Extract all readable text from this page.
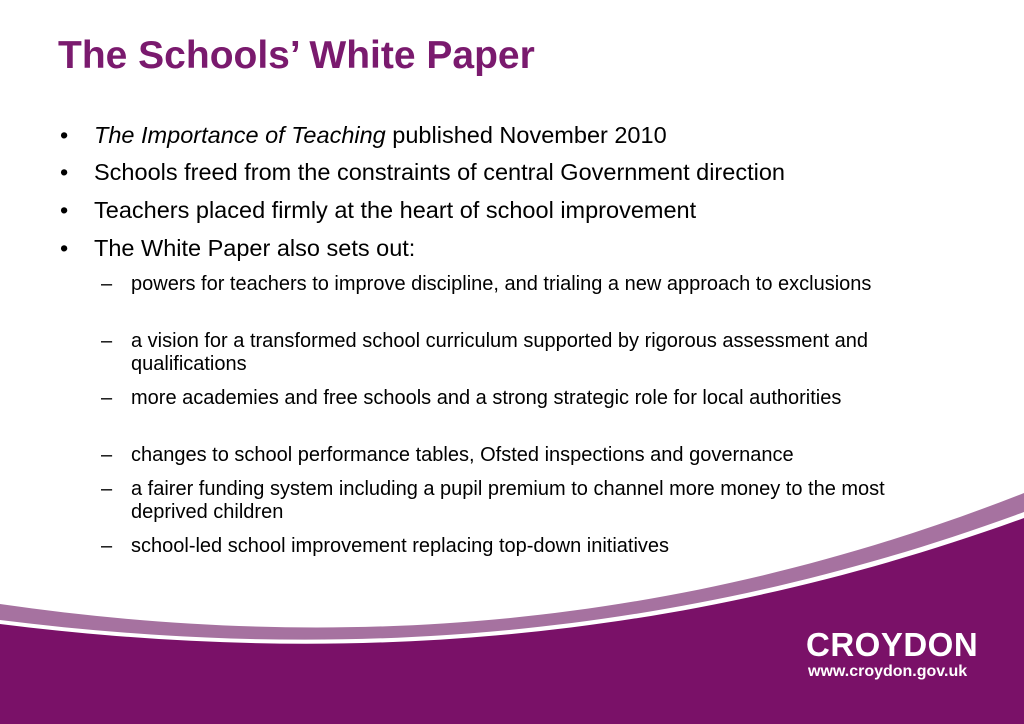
The Schools’ White Paper
• The Importance of Teaching published November 2010
• Schools freed from the constraints of central Government direction
• Teachers placed firmly at the heart of school improvement
• The White Paper also sets out:
– powers for teachers to improve discipline, and trialing a new approach to exclusions
– a vision for a transformed school curriculum supported by rigorous assessment and qualifications
– more academies and free schools and a strong strategic role for local authorities
– changes to school performance tables, Ofsted inspections and governance
– a fairer funding system including a pupil premium to channel more money to the most deprived children
– school-led school improvement replacing top-down initiatives
CROYDON
www.croydon.gov.uk
